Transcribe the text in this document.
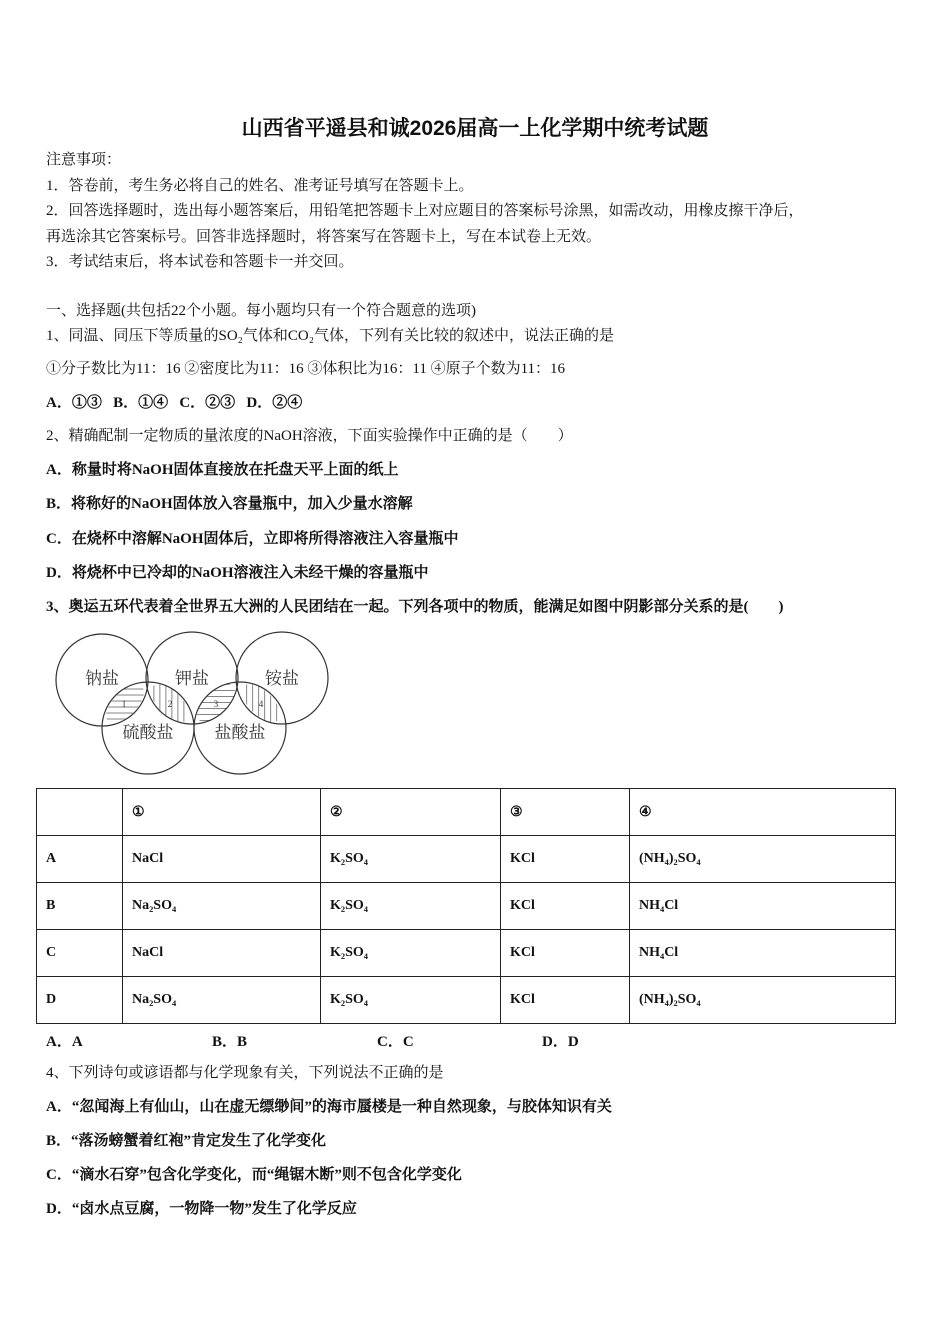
山西省平遥县和诚2026届高一上化学期中统考试题
注意事项：
1．答卷前，考生务必将自己的姓名、准考证号填写在答题卡上。
2．回答选择题时，选出每小题答案后，用铅笔把答题卡上对应题目的答案标号涂黑，如需改动，用橡皮擦干净后，
再选涂其它答案标号。回答非选择题时，将答案写在答题卡上，写在本试卷上无效。
3．考试结束后，将本试卷和答题卡一并交回。
一、选择题(共包括22个小题。每小题均只有一个符合题意的选项)
1、同温、同压下等质量的SO₂气体和CO₂气体，下列有关比较的叙述中，说法正确的是
①分子数比为11：16 ②密度比为11：16 ③体积比为16：11 ④原子个数为11：16
A．①③   B．①④   C．②③   D．②④
2、精确配制一定物质的量浓度的NaOH溶液，下面实验操作中正确的是（　　）
A．称量时将NaOH固体直接放在托盘天平上面的纸上
B．将称好的NaOH固体放入容量瓶中，加入少量水溶解
C．在烧杯中溶解NaOH固体后，立即将所得溶液注入容量瓶中
D．将烧杯中已冷却的NaOH溶液注入未经干燥的容量瓶中
3、奥运五环代表着全世界五大洲的人民团结在一起。下列各项中的物质，能满足如图中阴影部分关系的是(　　)
钠盐	钾盐	铵盐
硫酸盐 盐酸盐
1	2	3	4
	①	②	③	④
A	NaCl	K₂SO₄	KCl	(NH₄)₂SO₄
B	Na₂SO₄	K₂SO₄	KCl	NH₄Cl
C	NaCl	K₂SO₄	KCl	NH₄Cl
D	Na₂SO₄	K₂SO₄	KCl	(NH₄)₂SO₄
A．A	B．B	C．C	D．D
4、下列诗句或谚语都与化学现象有关，下列说法不正确的是
A．“忽闻海上有仙山，山在虚无缥缈间”的海市蜃楼是一种自然现象，与胶体知识有关
B．“落汤螃蟹着红袍”肯定发生了化学变化
C．“滴水石穿”包含化学变化，而“绳锯木断”则不包含化学变化
D．“卤水点豆腐，一物降一物”发生了化学反应
